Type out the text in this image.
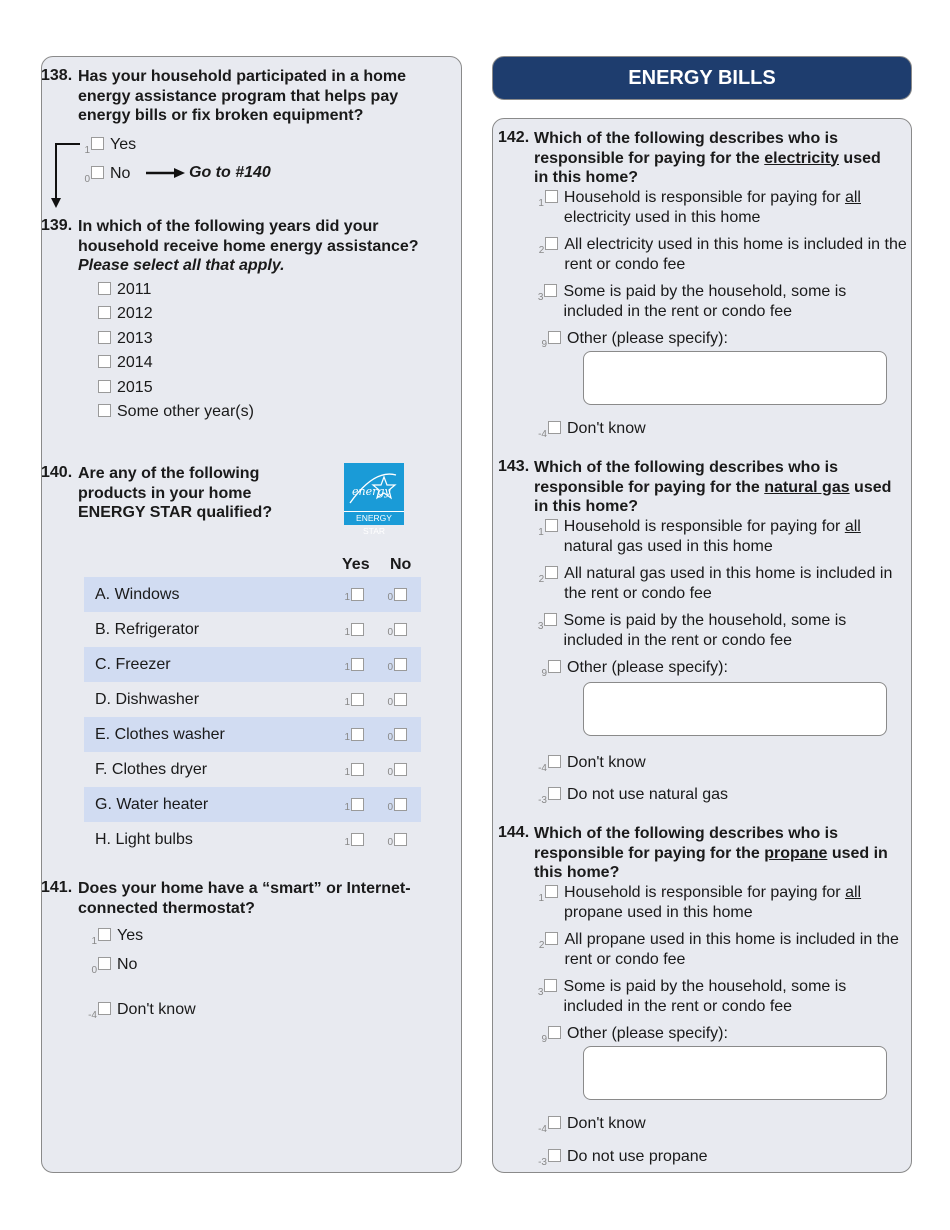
ENERGY BILLS
138. Has your household participated in a home energy assistance program that helps pay energy bills or fix broken equipment?
1 Yes
0 No	Go to #140
139. In which of the following years did your household receive home energy assistance? Please select all that apply.
2011
2012
2013
2014
2015
Some other year(s)
140. Are any of the following products in your home ENERGY STAR qualified?
energy
ENERGY STAR
Yes No
A. Windows	1	0
B. Refrigerator	1	0
C. Freezer	1	0
D. Dishwasher	1	0
E. Clothes washer	1	0
F. Clothes dryer	1	0
G. Water heater	1	0
H. Light bulbs	1	0
141. Does your home have a “smart” or Internet-connected thermostat?
1 Yes
0 No
-4 Don't know
142. Which of the following describes who is responsible for paying for the electricity used in this home?
1 Household is responsible for paying for all electricity used in this home
2 All electricity used in this home is included in the rent or condo fee
3 Some is paid by the household, some is included in the rent or condo fee
9 Other (please specify):
-4 Don't know
143. Which of the following describes who is responsible for paying for the natural gas used in this home?
1 Household is responsible for paying for all natural gas used in this home
2 All natural gas used in this home is included in the rent or condo fee
3 Some is paid by the household, some is included in the rent or condo fee
9 Other (please specify):
-4 Don't know
-3 Do not use natural gas
144. Which of the following describes who is responsible for paying for the propane used in this home?
1 Household is responsible for paying for all propane used in this home
2 All propane used in this home is included in the rent or condo fee
3 Some is paid by the household, some is included in the rent or condo fee
9 Other (please specify):
-4 Don't know
-3 Do not use propane
